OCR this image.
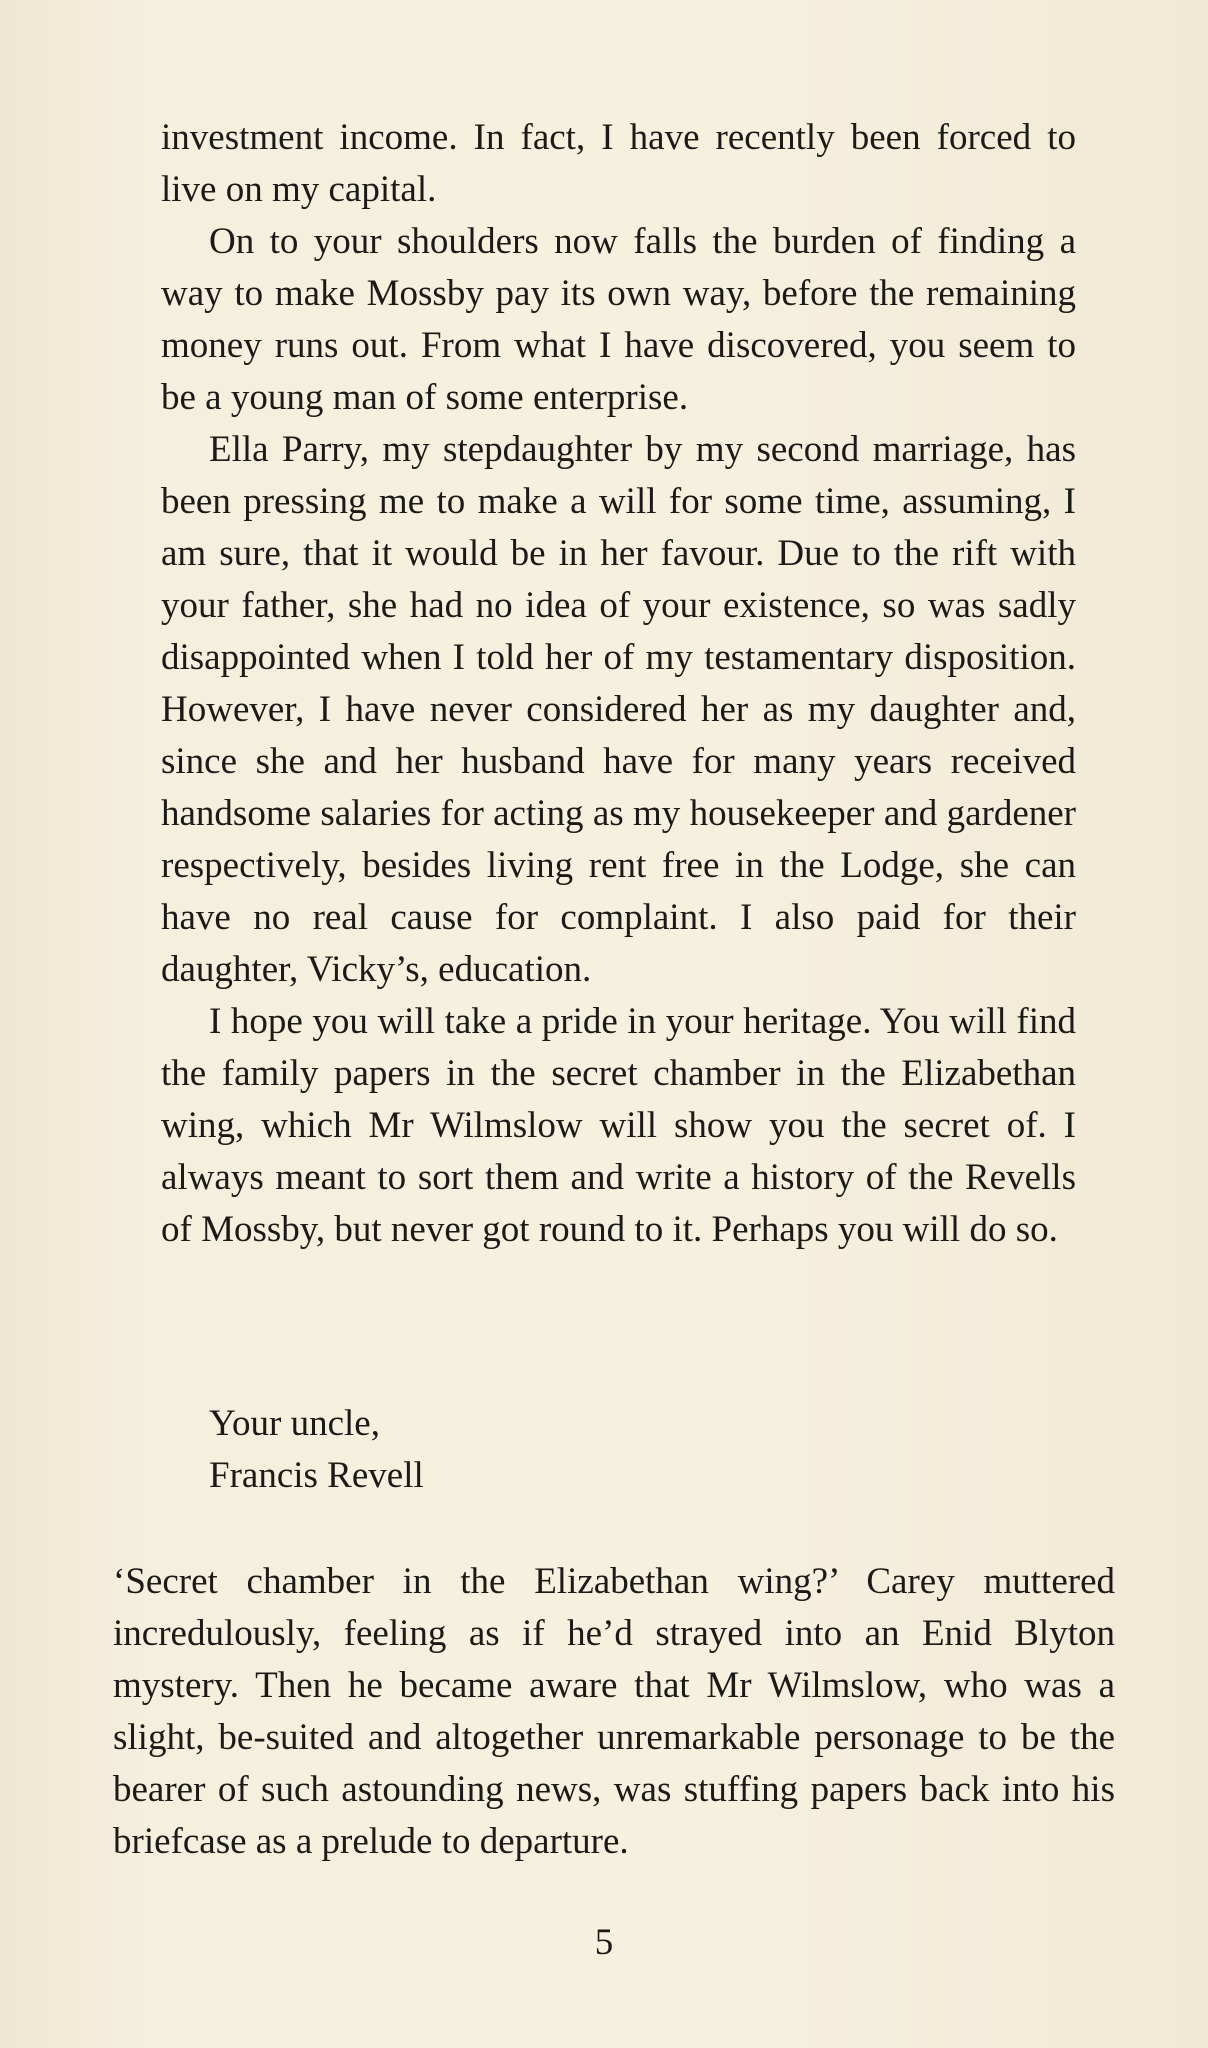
investment income. In fact, I have recently been forced to live on my capital.

On to your shoulders now falls the burden of finding a way to make Mossby pay its own way, before the remaining money runs out. From what I have discovered, you seem to be a young man of some enterprise.

Ella Parry, my stepdaughter by my second marriage, has been pressing me to make a will for some time, assuming, I am sure, that it would be in her favour. Due to the rift with your father, she had no idea of your existence, so was sadly disappointed when I told her of my testamentary disposition. However, I have never considered her as my daughter and, since she and her husband have for many years received handsome salaries for acting as my housekeeper and gardener respectively, besides living rent free in the Lodge, she can have no real cause for complaint. I also paid for their daughter, Vicky’s, education.

I hope you will take a pride in your heritage. You will find the family papers in the secret chamber in the Elizabethan wing, which Mr Wilmslow will show you the secret of. I always meant to sort them and write a history of the Revells of Mossby, but never got round to it. Perhaps you will do so.

Your uncle,
Francis Revell

‘Secret chamber in the Elizabethan wing?’ Carey muttered incredulously, feeling as if he’d strayed into an Enid Blyton mystery. Then he became aware that Mr Wilmslow, who was a slight, be-suited and altogether unremarkable personage to be the bearer of such astounding news, was stuffing papers back into his briefcase as a prelude to departure.

5
